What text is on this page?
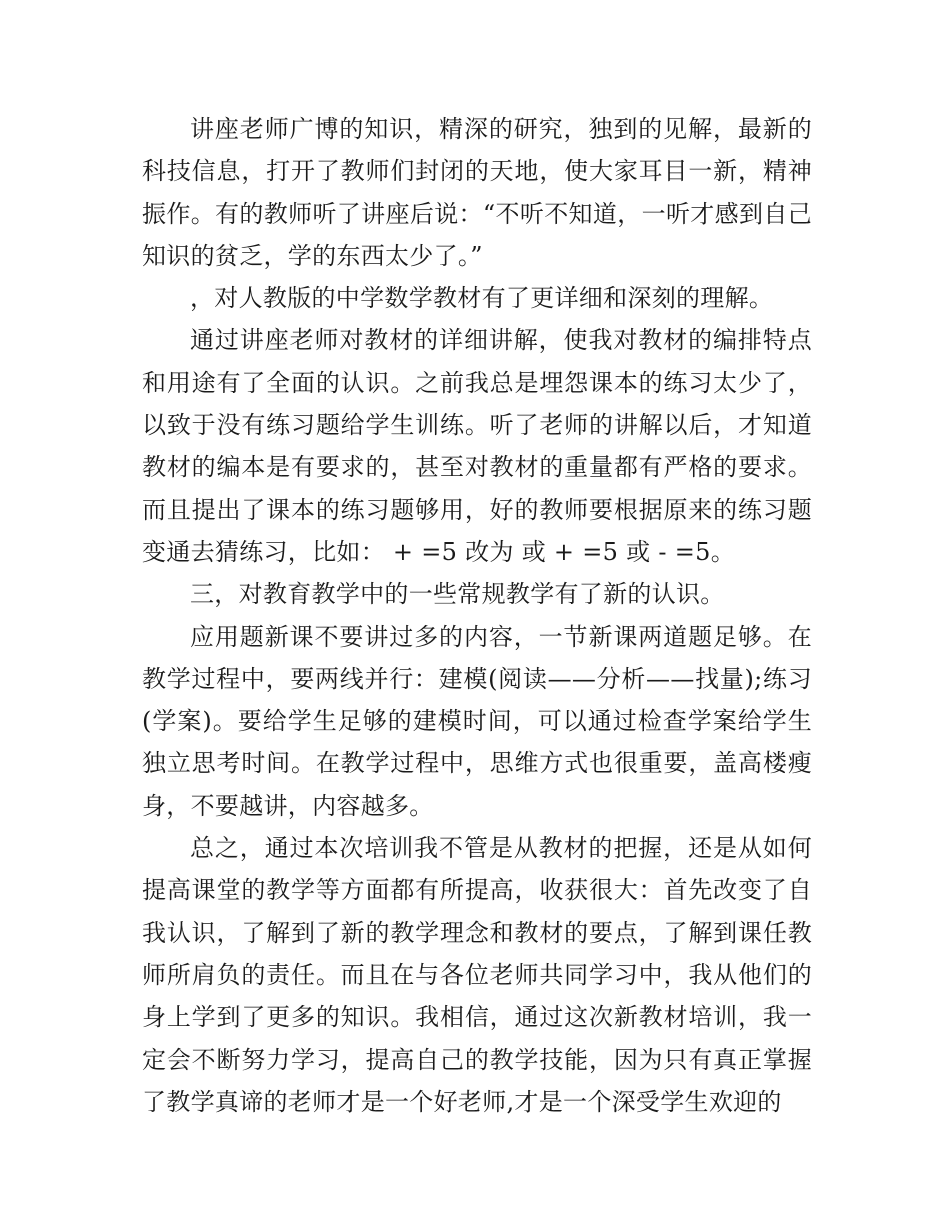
讲座老师广博的知识，精深的研究，独到的见解，最新的科技信息，打开了教师们封闭的天地，使大家耳目一新，精神振作。有的教师听了讲座后说：“不听不知道，一听才感到自己知识的贫乏，学的东西太少了。”

，对人教版的中学数学教材有了更详细和深刻的理解。

通过讲座老师对教材的详细讲解，使我对教材的编排特点和用途有了全面的认识。之前我总是埋怨课本的练习太少了，以致于没有练习题给学生训练。听了老师的讲解以后，才知道教材的编本是有要求的，甚至对教材的重量都有严格的要求。而且提出了课本的练习题够用，好的教师要根据原来的练习题变通去猜练习，比如： + =5 改为 或 + =5 或 - =5。

三，对教育教学中的一些常规教学有了新的认识。

应用题新课不要讲过多的内容，一节新课两道题足够。在教学过程中，要两线并行：建模(阅读——分析——找量);练习(学案)。要给学生足够的建模时间，可以通过检查学案给学生独立思考时间。在教学过程中，思维方式也很重要，盖高楼瘦身，不要越讲，内容越多。

总之，通过本次培训我不管是从教材的把握，还是从如何提高课堂的教学等方面都有所提高，收获很大：首先改变了自我认识，了解到了新的教学理念和教材的要点，了解到课任教师所肩负的责任。而且在与各位老师共同学习中，我从他们的身上学到了更多的知识。我相信，通过这次新教材培训，我一定会不断努力学习，提高自己的教学技能，因为只有真正掌握了教学真谛的老师才是一个好老师,才是一个深受学生欢迎的
